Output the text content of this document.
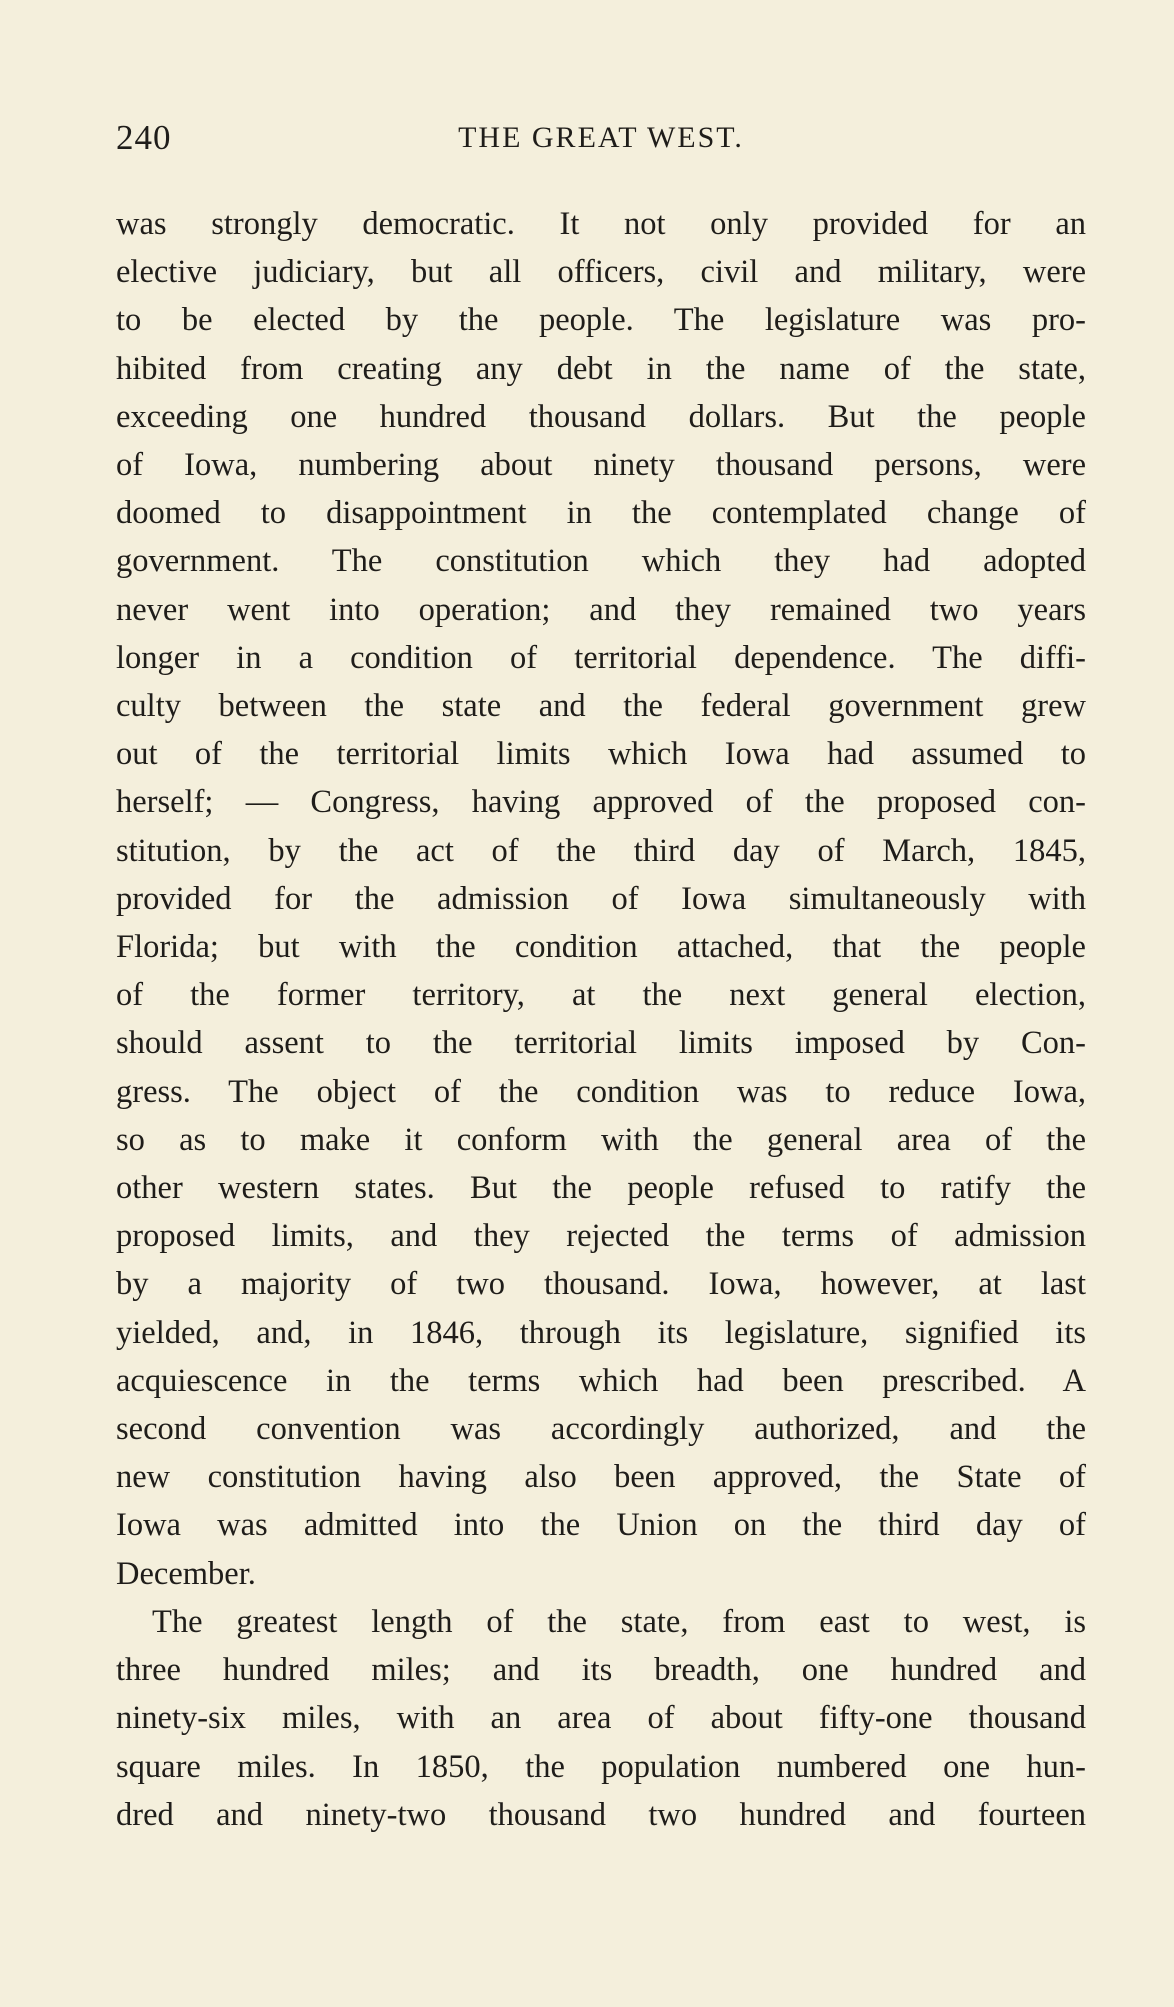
240	THE GREAT WEST.

was strongly democratic. It not only provided for an

elective judiciary, but all officers, civil and military, were

to be elected by the people. The legislature was pro-

hibited from creating any debt in the name of the state,

exceeding one hundred thousand dollars. But the people

of Iowa, numbering about ninety thousand persons, were

doomed to disappointment in the contemplated change of

government. The constitution which they had adopted

never went into operation; and they remained two years

longer in a condition of territorial dependence. The diffi-

culty between the state and the federal government grew

out of the territorial limits which Iowa had assumed to

herself; — Congress, having approved of the proposed con-

stitution, by the act of the third day of March, 1845,

provided for the admission of Iowa simultaneously with

Florida; but with the condition attached, that the people

of the former territory, at the next general election,

should assent to the territorial limits imposed by Con-

gress. The object of the condition was to reduce Iowa,

so as to make it conform with the general area of the

other western states. But the people refused to ratify the

proposed limits, and they rejected the terms of admission

by a majority of two thousand. Iowa, however, at last

yielded, and, in 1846, through its legislature, signified its

acquiescence in the terms which had been prescribed. A

second convention was accordingly authorized, and the

new constitution having also been approved, the State of

Iowa was admitted into the Union on the third day of

December.

The greatest length of the state, from east to west, is

three hundred miles; and its breadth, one hundred and

ninety-six miles, with an area of about fifty-one thousand

square miles. In 1850, the population numbered one hun-

dred and ninety-two thousand two hundred and fourteen
